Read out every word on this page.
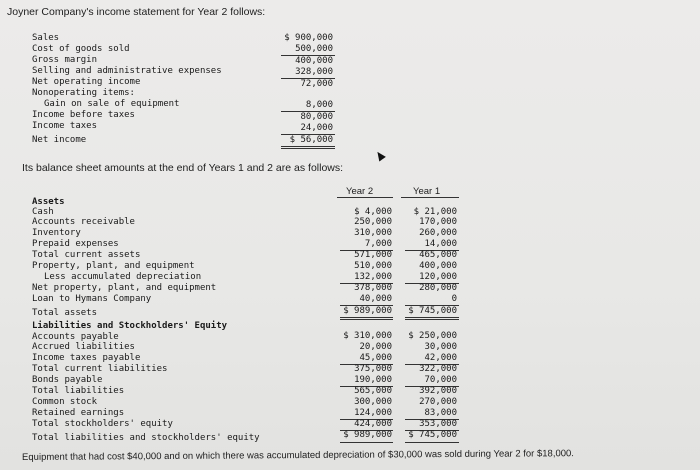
Joyner Company's income statement for Year 2 follows:
Sales
Cost of goods sold
Gross margin
Selling and administrative expenses
Net operating income
Nonoperating items:
Gain on sale of equipment
Income before taxes
Income taxes
Net income
$ 900,000
500,000
400,000
328,000
72,000
8,000
80,000
24,000
$ 56,000
Its balance sheet amounts at the end of Years 1 and 2 are as follows:
Year 2	Year 1
Assets
Cash
Accounts receivable
Inventory
Prepaid expenses
Total current assets
Property, plant, and equipment
Less accumulated depreciation
Net property, plant, and equipment
Loan to Hymans Company
Total assets
Liabilities and Stockholders' Equity
Accounts payable
Accrued liabilities
Income taxes payable
Total current liabilities
Bonds payable
Total liabilities
Common stock
Retained earnings
Total stockholders' equity
Total liabilities and stockholders' equity
$ 4,000
250,000
310,000
7,000
571,000
510,000
132,000
378,000
40,000
$ 989,000
$ 310,000
20,000
45,000
375,000
190,000
565,000
300,000
124,000
424,000
$ 989,000
$ 21,000
170,000
260,000
14,000
465,000
400,000
120,000
280,000
0
$ 745,000
$ 250,000
30,000
42,000
322,000
70,000
392,000
270,000
83,000
353,000
$ 745,000
Equipment that had cost $40,000 and on which there was accumulated depreciation of $30,000 was sold during Year 2 for $18,000.
